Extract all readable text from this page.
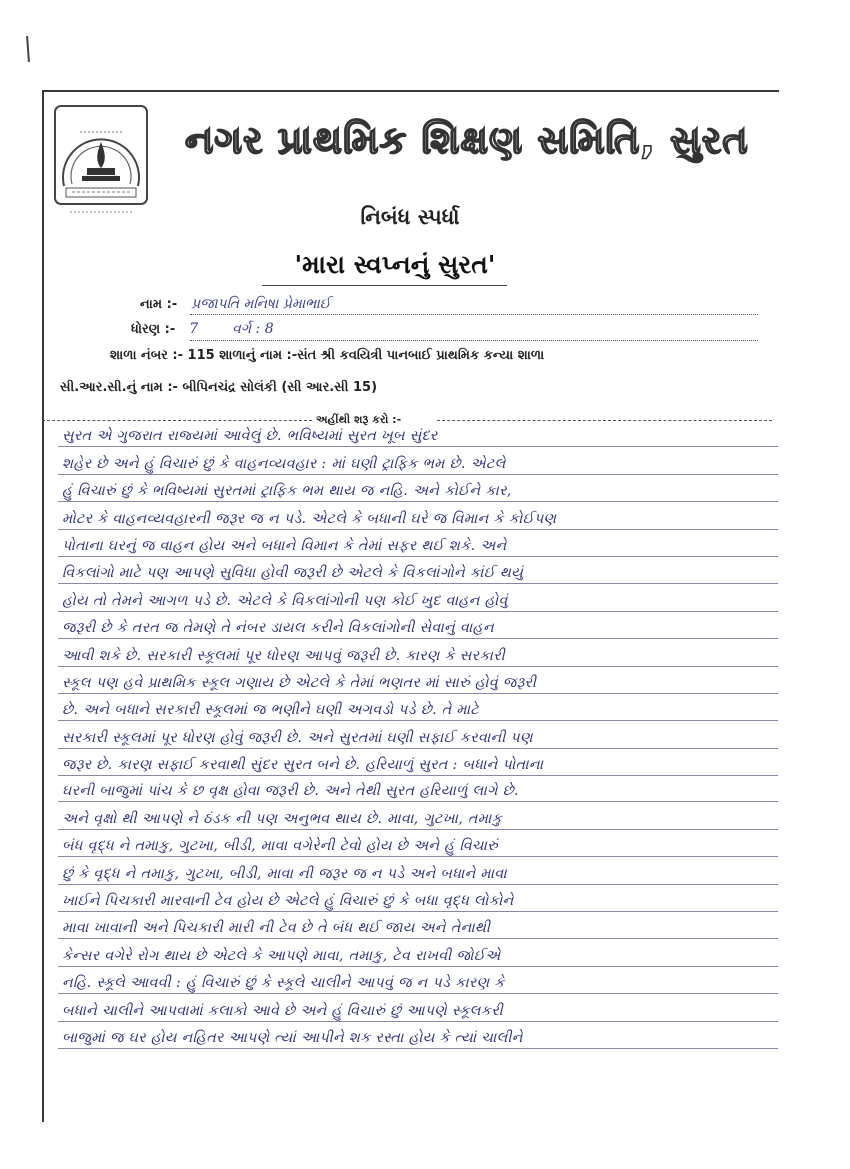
નગર પ્રાથમિક શિક્ષણ સમિતિ, સુરત
નિબંધ સ્પર્ધા
'મારા સ્વપ્નનું સુરત'
નામ :- પ્રજાપતિ મનિષા પ્રેમાભાઈ
ધોરણ :- 7 વર્ગ : 8
શાળા નંબર :- 115 શાળાનું નામ :-સંત શ્રી કવયિત્રી પાનબાઈ પ્રાથમિક કન્યા શાળા
સી.આર.સી.નું નામ :- બીપિનચંદ્ર સોલંકી (સી આર.સી 15)
અહીંથી શરૂ કરો :-
સુરત એ ગુજરાત રાજ્યમાં આવેલું છે. ભવિષ્યમાં સુરત ખૂબ સુંદર
શહેર છે અને હું વિચારું છું કે વાહનવ્યવહાર : માં ઘણી ટ્રાફિક ભમ છે. એટલે
હું વિચારું છું કે ભવિષ્યમાં સુરતમાં ટ્રાફિક ભમ થાય જ નહિ. અને કોઈને કાર,
મોટર કે વાહનવ્યવહારની જરૂર જ ન પડે. એટલે કે બધાની ઘરે જ વિમાન કે કોઈપણ
પોતાના ઘરનું જ વાહન હોય અને બધાને વિમાન કે તેમાં સફર થઈ શકે. અને
વિકલાંગો માટે પણ આપણે સુવિધા હોવી જરૂરી છે એટલે કે વિકલાંગોને કાંઈ થયું
હોય તો તેમને આગળ પડે છે. એટલે કે વિકલાંગોની પણ કોઈ ખુદ વાહન હોવું
જરૂરી છે કે તરત જ તેમણે તે નંબર ડાયલ કરીને વિકલાંગોની સેવાનું વાહન
આવી શકે છે. સરકારી સ્કૂલમાં પૂર ધોરણ આપવું જરૂરી છે. કારણ કે સરકારી
સ્કૂલ પણ હવે પ્રાથમિક સ્કૂલ ગણાય છે એટલે કે તેમાં ભણતર માં સારું હોવું જરૂરી
છે. અને બધાને સરકારી સ્કૂલમાં જ ભણીને ઘણી અગવડો પડે છે. તે માટે
સરકારી સ્કૂલમાં પૂર ધોરણ હોવું જરૂરી છે. અને સુરતમાં ઘણી સફાઈ કરવાની પણ
જરૂર છે. કારણ સફાઈ કરવાથી સુંદર સુરત બને છે. હરિયાળું સુરત : બધાને પોતાના
ઘરની બાજુમાં પાંચ કે છ વૃક્ષ હોવા જરૂરી છે. અને તેથી સુરત હરિયાળું લાગે છે.
અને વૃક્ષો થી આપણે ને ઠંડક ની પણ અનુભવ થાય છે. માવા, ગુટખા, તમાકુ
બંધ વૃદ્ધ ને તમાકુ, ગુટખા, બીડી, માવા વગેરેની ટેવો હોય છે અને હું વિચારું
છું કે વૃદ્ધ ને તમાકુ, ગુટખા, બીડી, માવા ની જરૂર જ ન પડે અને બધાને માવા
ખાઈને પિચકારી મારવાની ટેવ હોય છે એટલે હું વિચારું છું કે બધા વૃદ્ધ લોકોને
માવા ખાવાની અને પિચકારી મારી ની ટેવ છે તે બંધ થઈ જાય અને તેનાથી
કેન્સર વગેરે રોગ થાય છે એટલે કે આપણે માવા, તમાકુ, ટેવ રાખવી જોઈએ
નહિ. સ્કૂલે આવવી : હું વિચારું છું કે સ્કૂલે ચાલીને આપવું જ ન પડે કારણ કે
બધાને ચાલીને આપવામાં કલાકો આવે છે અને હું વિચારું છું આપણે સ્કૂલકરી
બાજુમાં જ ઘર હોય નહિતર આપણે ત્યાં આપીને શક રસ્તા હોય કે ત્યાં ચાલીને
